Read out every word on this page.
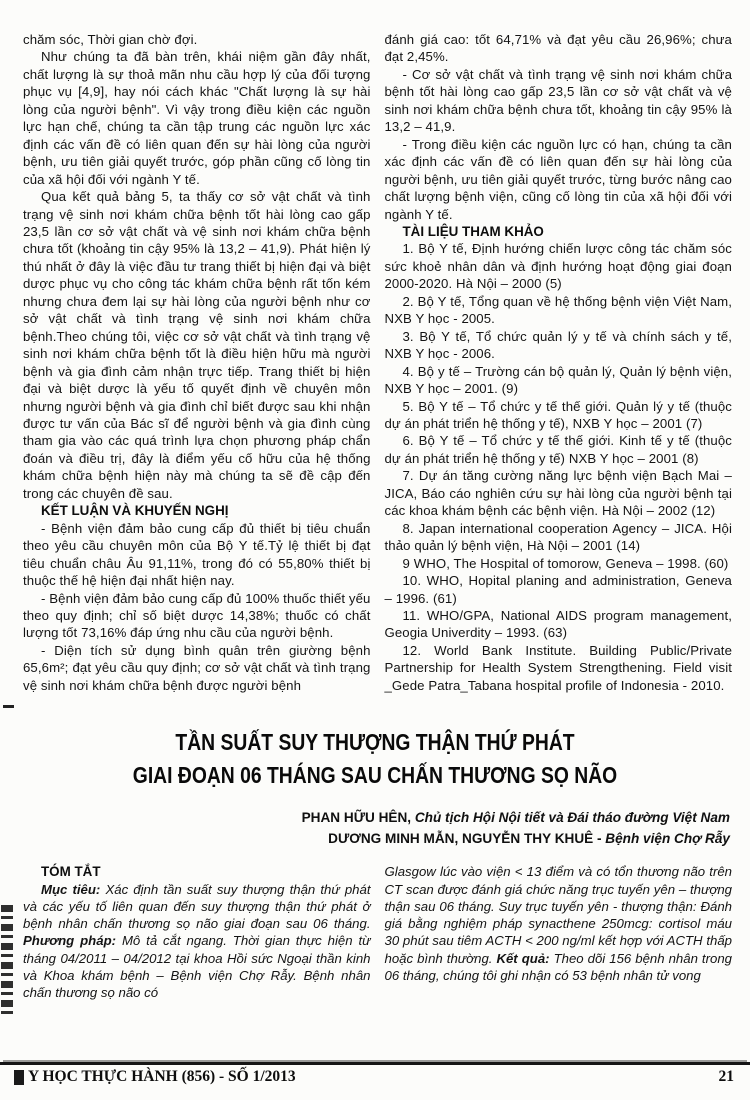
chăm sóc, Thời gian chờ đợi.

Như chúng ta đã bàn trên, khái niệm gần đây nhất, chất lượng là sự thoả mãn nhu cầu hợp lý của đối tượng phục vụ [4,9], hay nói cách khác "Chất lượng là sự hài lòng của người bệnh". Vì vậy trong điều kiện các nguồn lực hạn chế, chúng ta cần tập trung các nguồn lực xác định các vấn đề có liên quan đến sự hài lòng của người bệnh, ưu tiên giải quyết trước, góp phần cũng cố lòng tin của xã hội đối với ngành Y tế.

Qua kết quả bảng 5, ta thấy cơ sở vật chất và tình trạng vệ sinh nơi khám chữa bệnh tốt hài lòng cao gấp 23,5 lần cơ sở vật chất và vệ sinh nơi khám chữa bệnh chưa tốt (khoảng tin cậy 95% là 13,2 – 41,9). Phát hiện lý thú nhất ở đây là việc đầu tư trang thiết bị hiện đại và biệt dược phục vụ cho công tác khám chữa bệnh rất tốn kém nhưng chưa đem lại sự hài lòng của người bệnh như cơ sở vật chất và tình trạng vệ sinh nơi khám chữa bệnh.Theo chúng tôi, việc cơ sở vật chất và tình trạng vệ sinh nơi khám chữa bệnh tốt là điều hiện hữu mà người bệnh và gia đình cảm nhận trực tiếp. Trang thiết bị hiện đại và biệt dược là yếu tố quyết định về chuyên môn nhưng người bệnh và gia đình chỉ biết được sau khi nhận được tư vấn của Bác sĩ để người bệnh và gia đình cùng tham gia vào các quá trình lựa chọn phương pháp chẩn đoán và điều trị, đây là điểm yếu cố hữu của hệ thống khám chữa bệnh hiện này mà chúng ta sẽ đề cập đến trong các chuyên đề sau.

KẾT LUẬN VÀ KHUYẾN NGHỊ

- Bệnh viện đảm bảo cung cấp đủ thiết bị tiêu chuẩn theo yêu cầu chuyên môn của Bộ Y tế.Tỷ lệ thiết bị đạt tiêu chuẩn châu Âu 91,11%, trong đó có 55,80% thiết bị thuộc thế hệ hiện đại nhất hiện nay.

- Bệnh viện đảm bảo cung cấp đủ 100% thuốc thiết yếu theo quy định; chỉ số biệt dược 14,38%; thuốc có chất lượng tốt 73,16% đáp ứng nhu cầu của người bệnh.

- Diện tích sử dụng bình quân trên giường bệnh 65,6m²; đạt yêu cầu quy định; cơ sở vật chất và tình trạng vệ sinh nơi khám chữa bệnh được người bệnh

đánh giá cao: tốt 64,71% và đạt yêu cầu 26,96%; chưa đạt 2,45%.

- Cơ sở vật chất và tình trạng vệ sinh nơi khám chữa bệnh tốt hài lòng cao gấp 23,5 lần cơ sở vật chất và vệ sinh nơi khám chữa bệnh chưa tốt, khoảng tin cậy 95% là 13,2 – 41,9.

- Trong điều kiện các nguồn lực có hạn, chúng ta cần xác định các vấn đề có liên quan đến sự hài lòng của người bệnh, ưu tiên giải quyết trước, từng bước nâng cao chất lượng bệnh viện, cũng cố lòng tin của xã hội đối với ngành Y tế.

TÀI LIỆU THAM KHẢO

1. Bộ Y tế, Định hướng chiến lược công tác chăm sóc sức khoẻ nhân dân và định hướng hoạt động giai đoạn 2000-2020. Hà Nội – 2000 (5)

2. Bộ Y tế, Tổng quan về hệ thống bệnh viện Việt Nam, NXB Y học - 2005.

3. Bộ Y tế, Tổ chức quản lý y tế và chính sách y tế, NXB Y học - 2006.

4. Bộ y tế – Trường cán bộ quản lý, Quản lý bệnh viện, NXB Y học – 2001. (9)

5. Bộ Y tế – Tổ chức y tế thế giới. Quản lý y tế (thuộc dự án phát triển hệ thống y tế), NXB Y học – 2001 (7)

6. Bộ Y tế – Tổ chức y tế thế giới. Kinh tế y tế (thuộc dự án phát triển hệ thống y tế) NXB Y học – 2001 (8)

7. Dự án tăng cường năng lực bệnh viện Bạch Mai – JICA, Báo cáo nghiên cứu sự hài lòng của người bệnh tại các khoa khám bệnh các bệnh viện. Hà Nội – 2002 (12)

8. Japan international cooperation Agency – JICA. Hội thảo quản lý bệnh viện, Hà Nội – 2001 (14)

9 WHO, The Hospital of tomorow, Geneva – 1998. (60)

10. WHO, Hopital planing and administration, Geneva – 1996. (61)

11. WHO/GPA, National AIDS program management, Geogia Univerdity – 1993. (63)

12. World Bank Institute. Building Public/Private Partnership for Health System Strengthening. Field visit _Gede Patra_Tabana hospital profile of Indonesia - 2010.

TẦN SUẤT SUY THƯỢNG THẬN THỨ PHÁT
GIAI ĐOẠN 06 THÁNG SAU CHẤN THƯƠNG SỌ NÃO
PHAN HỮU HÊN, Chủ tịch Hội Nội tiết và Đái tháo đường Việt Nam
DƯƠNG MINH MẪN, NGUYỄN THY KHUÊ - Bệnh viện Chợ Rẫy
TÓM TẮT

Mục tiêu: Xác định tần suất suy thượng thận thứ phát và các yếu tố liên quan đến suy thượng thận thứ phát ở bệnh nhân chấn thương sọ não giai đoạn sau 06 tháng. Phương pháp: Mô tả cắt ngang. Thời gian thực hiện từ tháng 04/2011 – 04/2012 tại khoa Hồi sức Ngoại thần kinh và Khoa khám bệnh – Bệnh viện Chợ Rẫy. Bệnh nhân chấn thương sọ não có

Glasgow lúc vào viện < 13 điểm và có tổn thương não trên CT scan được đánh giá chức năng trục tuyến yên – thượng thận sau 06 tháng. Suy trục tuyến yên - thượng thận: Đánh giá bằng nghiệm pháp synacthene 250mcg: cortisol máu 30 phút sau tiêm ACTH < 200 ng/ml kết hợp với ACTH thấp hoặc bình thường. Kết quả: Theo dõi 156 bệnh nhân trong 06 tháng, chúng tôi ghi nhận có 53 bệnh nhân tử vong

Y HỌC THỰC HÀNH (856) - SỐ 1/2013	21
